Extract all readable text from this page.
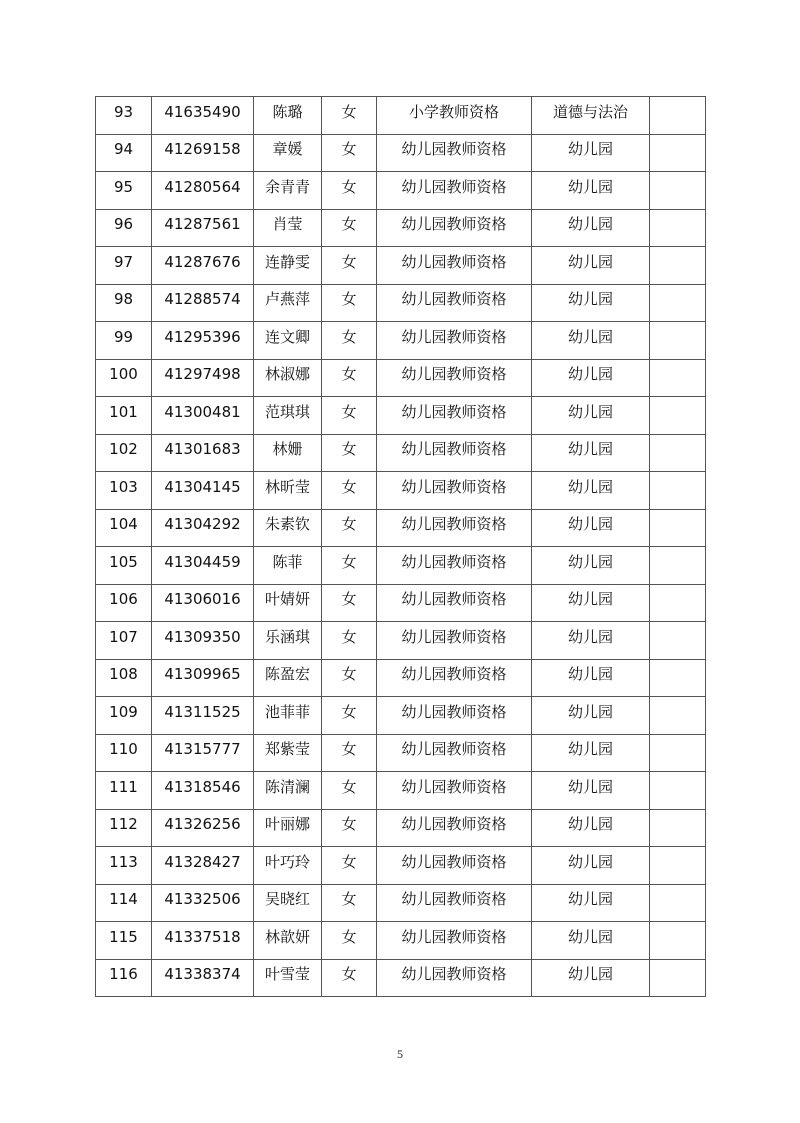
93	41635490	陈璐	女	小学教师资格	道德与法治	
94	41269158	章媛	女	幼儿园教师资格	幼儿园	
95	41280564	余青青	女	幼儿园教师资格	幼儿园	
96	41287561	肖莹	女	幼儿园教师资格	幼儿园	
97	41287676	连静雯	女	幼儿园教师资格	幼儿园	
98	41288574	卢燕萍	女	幼儿园教师资格	幼儿园	
99	41295396	连文卿	女	幼儿园教师资格	幼儿园	
100	41297498	林淑娜	女	幼儿园教师资格	幼儿园	
101	41300481	范琪琪	女	幼儿园教师资格	幼儿园	
102	41301683	林姗	女	幼儿园教师资格	幼儿园	
103	41304145	林昕莹	女	幼儿园教师资格	幼儿园	
104	41304292	朱素钦	女	幼儿园教师资格	幼儿园	
105	41304459	陈菲	女	幼儿园教师资格	幼儿园	
106	41306016	叶婧妍	女	幼儿园教师资格	幼儿园	
107	41309350	乐涵琪	女	幼儿园教师资格	幼儿园	
108	41309965	陈盈宏	女	幼儿园教师资格	幼儿园	
109	41311525	池菲菲	女	幼儿园教师资格	幼儿园	
110	41315777	郑紫莹	女	幼儿园教师资格	幼儿园	
111	41318546	陈清澜	女	幼儿园教师资格	幼儿园	
112	41326256	叶丽娜	女	幼儿园教师资格	幼儿园	
113	41328427	叶巧玲	女	幼儿园教师资格	幼儿园	
114	41332506	吴晓红	女	幼儿园教师资格	幼儿园	
115	41337518	林歆妍	女	幼儿园教师资格	幼儿园	
116	41338374	叶雪莹	女	幼儿园教师资格	幼儿园	
5
